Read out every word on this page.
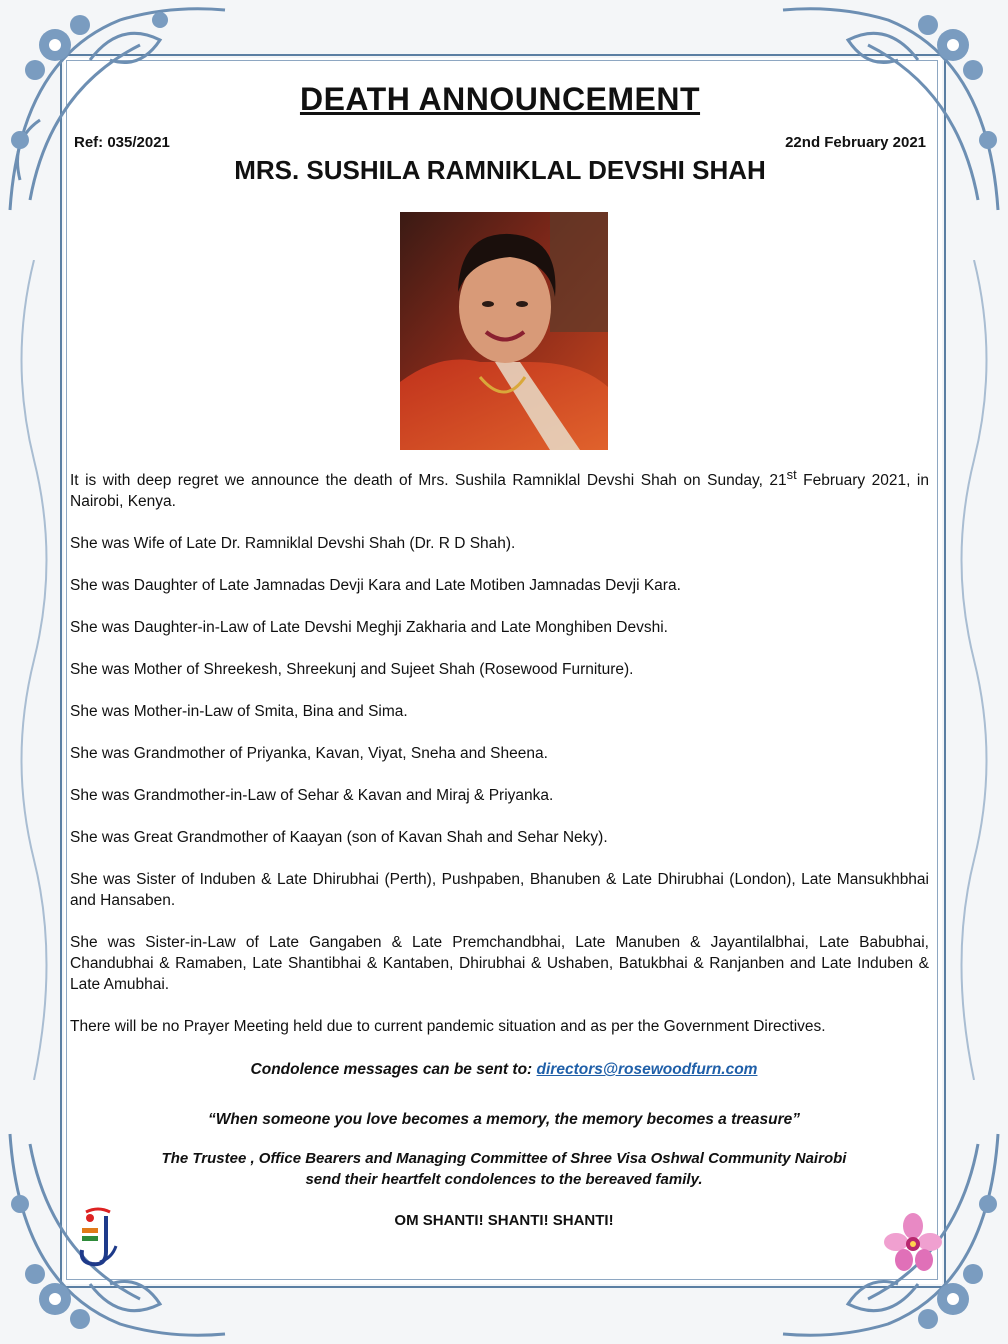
DEATH ANNOUNCEMENT
Ref: 035/2021	22nd February 2021
MRS. SUSHILA RAMNIKLAL DEVSHI SHAH

It is with deep regret we announce the death of Mrs. Sushila Ramniklal Devshi Shah on Sunday, 21st February 2021, in Nairobi, Kenya.

She was Wife of Late Dr. Ramniklal Devshi Shah (Dr. R D Shah).

She was Daughter of Late Jamnadas Devji Kara and Late Motiben Jamnadas Devji Kara.

She was Daughter-in-Law of Late Devshi Meghji Zakharia and Late Monghiben Devshi.

She was Mother of Shreekesh, Shreekunj and Sujeet Shah (Rosewood Furniture).

She was Mother-in-Law of Smita, Bina and Sima.

She was Grandmother of Priyanka, Kavan, Viyat, Sneha and Sheena.

She was Grandmother-in-Law of Sehar & Kavan and Miraj & Priyanka.

She was Great Grandmother of Kaayan (son of Kavan Shah and Sehar Neky).

She was Sister of Induben & Late Dhirubhai (Perth), Pushpaben, Bhanuben & Late Dhirubhai (London), Late Mansukhbhai and Hansaben.

She was Sister-in-Law of Late Gangaben & Late Premchandbhai, Late Manuben & Jayantilalbhai, Late Babubhai, Chandubhai & Ramaben, Late Shantibhai & Kantaben, Dhirubhai & Ushaben, Batukbhai & Ranjanben and Late Induben & Late Amubhai.

There will be no Prayer Meeting held due to current pandemic situation and as per the Government Directives.

Condolence messages can be sent to: directors@rosewoodfurn.com
“When someone you love becomes a memory, the memory becomes a treasure”
The Trustee , Office Bearers and Managing Committee of Shree Visa Oshwal Community Nairobi
send their heartfelt condolences to the bereaved family.
OM SHANTI! SHANTI! SHANTI!
